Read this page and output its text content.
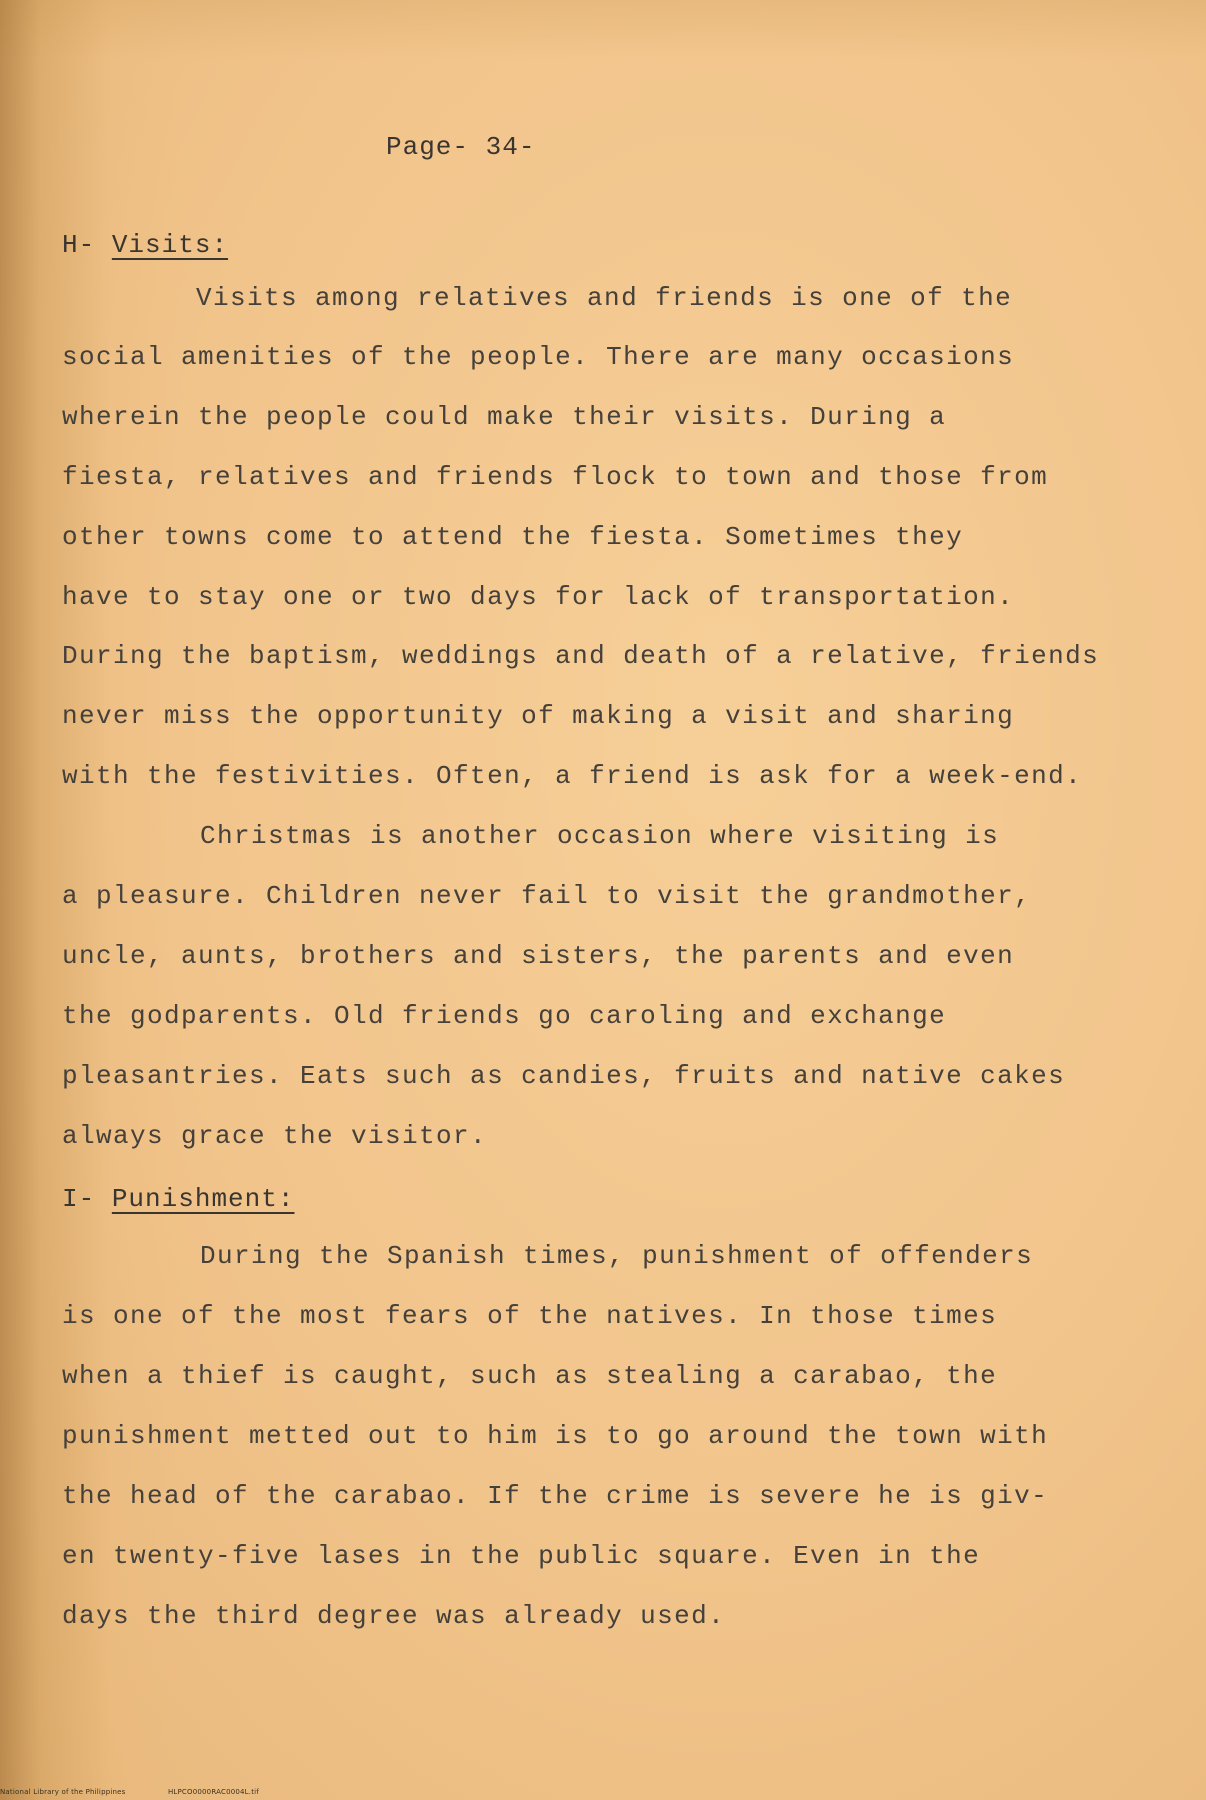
Page- 34-
H- Visits:
Visits among relatives and friends is one of the
social amenities of the people. There are many occasions
wherein the people could make their visits. During a
fiesta, relatives and friends flock to town and those from
other towns come to attend the fiesta. Sometimes they
have to stay one or two days for lack of transportation.
During the baptism, weddings and death of a relative, friends
never miss the opportunity of making a visit and sharing
with the festivities. Often, a friend is ask for a week-end.
Christmas is another occasion where visiting is
a pleasure. Children never fail to visit the grandmother,
uncle, aunts, brothers and sisters, the parents and even
the godparents. Old friends go caroling and exchange
pleasantries. Eats such as candies, fruits and native cakes
always grace the visitor.
I- Punishment:
During the Spanish times, punishment of offenders
is one of the most fears of the natives. In those times
when a thief is caught, such as stealing a carabao, the
punishment metted out to him is to go around the town with
the head of the carabao. If the crime is severe he is giv-
en twenty-five lases in the public square. Even in the
days the third degree was already used.
National Library of the Philippines	HLPCO0000RAC0004L.tif
